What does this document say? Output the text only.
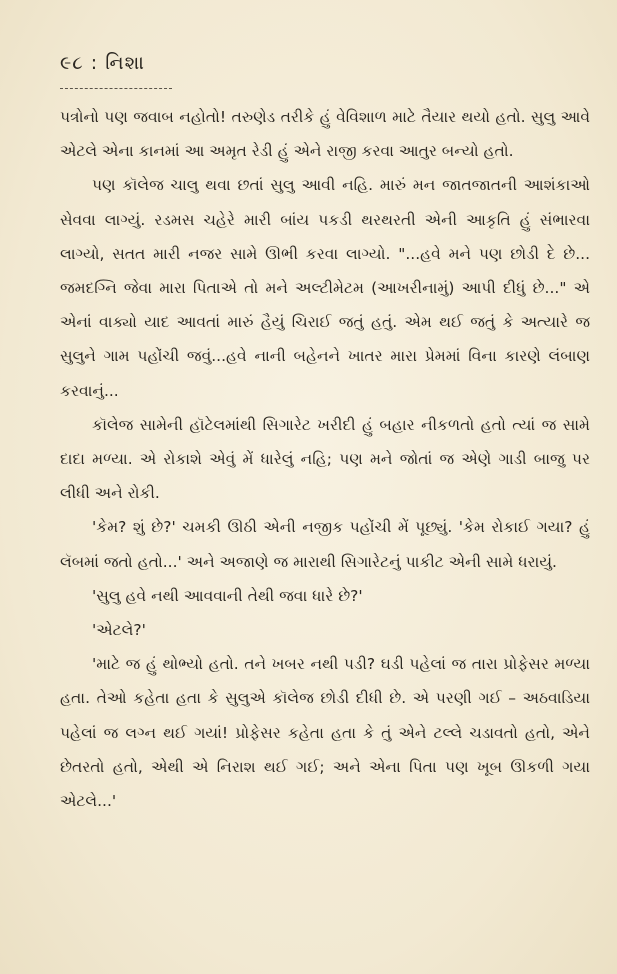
૯૮ : નિશા

પત્રોનો પણ જવાબ નહોતો! તરુણેડ તરીકે હું વેવિશાળ માટે તૈયાર થયો હતો. સુલુ આવે એટલે એના કાનમાં આ અમૃત રેડી હું એને રાજી કરવા આતુર બન્યો હતો.

પણ કૉલેજ ચાલુ થવા છતાં સુલુ આવી નહિ. મારું મન જાતજાતની આશંકાઓ સેવવા લાગ્યું. રડમસ ચહેરે મારી બાંય પકડી થરથરતી એની આકૃતિ હું સંભારવા લાગ્યો, સતત મારી નજર સામે ઊભી કરવા લાગ્યો. "...હવે મને પણ છોડી દે છે... જમદગ્નિ જેવા મારા પિતાએ તો મને અલ્ટીમેટમ (આખરીનામું) આપી દીધું છે..." એ એનાં વાક્યો યાદ આવતાં મારું હૈયું ચિરાઈ જતું હતું. એમ થઈ જતું કે અત્યારે જ સુલુને ગામ પહોંચી જવું...હવે નાની બહેનને ખાતર મારા પ્રેમમાં વિના કારણે લંબાણ કરવાનું...

કૉલેજ સામેની હૉટેલમાંથી સિગારેટ ખરીદી હું બહાર નીકળતો હતો ત્યાં જ સામે દાદા મળ્યા. એ રોકાશે એવું મેં ધારેલું નહિ; પણ મને જોતાં જ એણે ગાડી બાજુ પર લીધી અને રોકી.

'કેમ? શું છે?' ચમકી ઊઠી એની નજીક પહોંચી મેં પૂછ્યું. 'કેમ રોકાઈ ગયા? હું લૅબમાં જતો હતો...' અને અજાણે જ મારાથી સિગારેટનું પાકીટ એની સામે ધરાયું.

'સુલુ હવે નથી આવવાની તેથી જવા ધારે છે?'

'એટલે?'

'માટે જ હું થોભ્યો હતો. તને ખબર નથી પડી? ઘડી પહેલાં જ તારા પ્રોફેસર મળ્યા હતા. તેઓ કહેતા હતા કે સુલુએ કૉલેજ છોડી દીધી છે. એ પરણી ગઈ – અઠવાડિયા પહેલાં જ લગ્ન થઈ ગયાં! પ્રોફેસર કહેતા હતા કે તું એને ટલ્લે ચડાવતો હતો, એને છેતરતો હતો, એથી એ નિરાશ થઈ ગઈ; અને એના પિતા પણ ખૂબ ઊકળી ગયા એટલે...'
